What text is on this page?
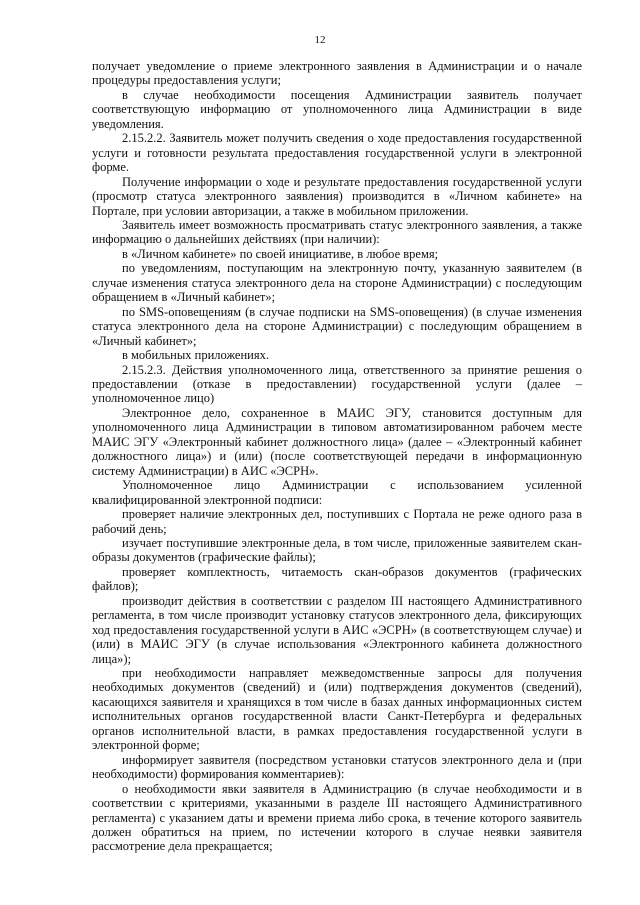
12

получает уведомление о приеме электронного заявления в Администрации и о начале процедуры предоставления услуги;

в случае необходимости посещения Администрации заявитель получает соответствующую информацию от уполномоченного лица Администрации в виде уведомления.

2.15.2.2. Заявитель может получить сведения о ходе предоставления государственной услуги и готовности результата предоставления государственной услуги в электронной форме.

Получение информации о ходе и результате предоставления государственной услуги (просмотр статуса электронного заявления) производится в «Личном кабинете» на Портале, при условии авторизации, а также в мобильном приложении.

Заявитель имеет возможность просматривать статус электронного заявления, а также информацию о дальнейших действиях (при наличии):

в «Личном кабинете» по своей инициативе, в любое время;

по уведомлениям, поступающим на электронную почту, указанную заявителем (в случае изменения статуса электронного дела на стороне Администрации) с последующим обращением в «Личный кабинет»;

по SMS-оповещениям (в случае подписки на SMS-оповещения) (в случае изменения статуса электронного дела на стороне Администрации) с последующим обращением в «Личный кабинет»;

в мобильных приложениях.

2.15.2.3. Действия уполномоченного лица, ответственного за принятие решения о предоставлении (отказе в предоставлении) государственной услуги (далее – уполномоченное лицо)

Электронное дело, сохраненное в МАИС ЭГУ, становится доступным для уполномоченного лица Администрации в типовом автоматизированном рабочем месте МАИС ЭГУ «Электронный кабинет должностного лица» (далее – «Электронный кабинет должностного лица») и (или) (после соответствующей передачи в информационную систему Администрации) в АИС «ЭСРН».

Уполномоченное лицо Администрации с использованием усиленной квалифицированной электронной подписи:

проверяет наличие электронных дел, поступивших с Портала не реже одного раза в рабочий день;

изучает поступившие электронные дела, в том числе, приложенные заявителем скан-образы документов (графические файлы);

проверяет комплектность, читаемость скан-образов документов (графических файлов);

производит действия в соответствии с разделом III настоящего Административного регламента, в том числе производит установку статусов электронного дела, фиксирующих ход предоставления государственной услуги в АИС «ЭСРН» (в соответствующем случае) и (или) в МАИС ЭГУ (в случае использования «Электронного кабинета должностного лица»);

при необходимости направляет межведомственные запросы для получения необходимых документов (сведений) и (или) подтверждения документов (сведений), касающихся заявителя и хранящихся в том числе в базах данных информационных систем исполнительных органов государственной власти Санкт-Петербурга и федеральных органов исполнительной власти, в рамках предоставления государственной услуги в электронной форме;

информирует заявителя (посредством установки статусов электронного дела и (при необходимости) формирования комментариев):

о необходимости явки заявителя в Администрацию (в случае необходимости и в соответствии с критериями, указанными в разделе III настоящего Административного регламента) с указанием даты и времени приема либо срока, в течение которого заявитель должен обратиться на прием, по истечении которого в случае неявки заявителя рассмотрение дела прекращается;
